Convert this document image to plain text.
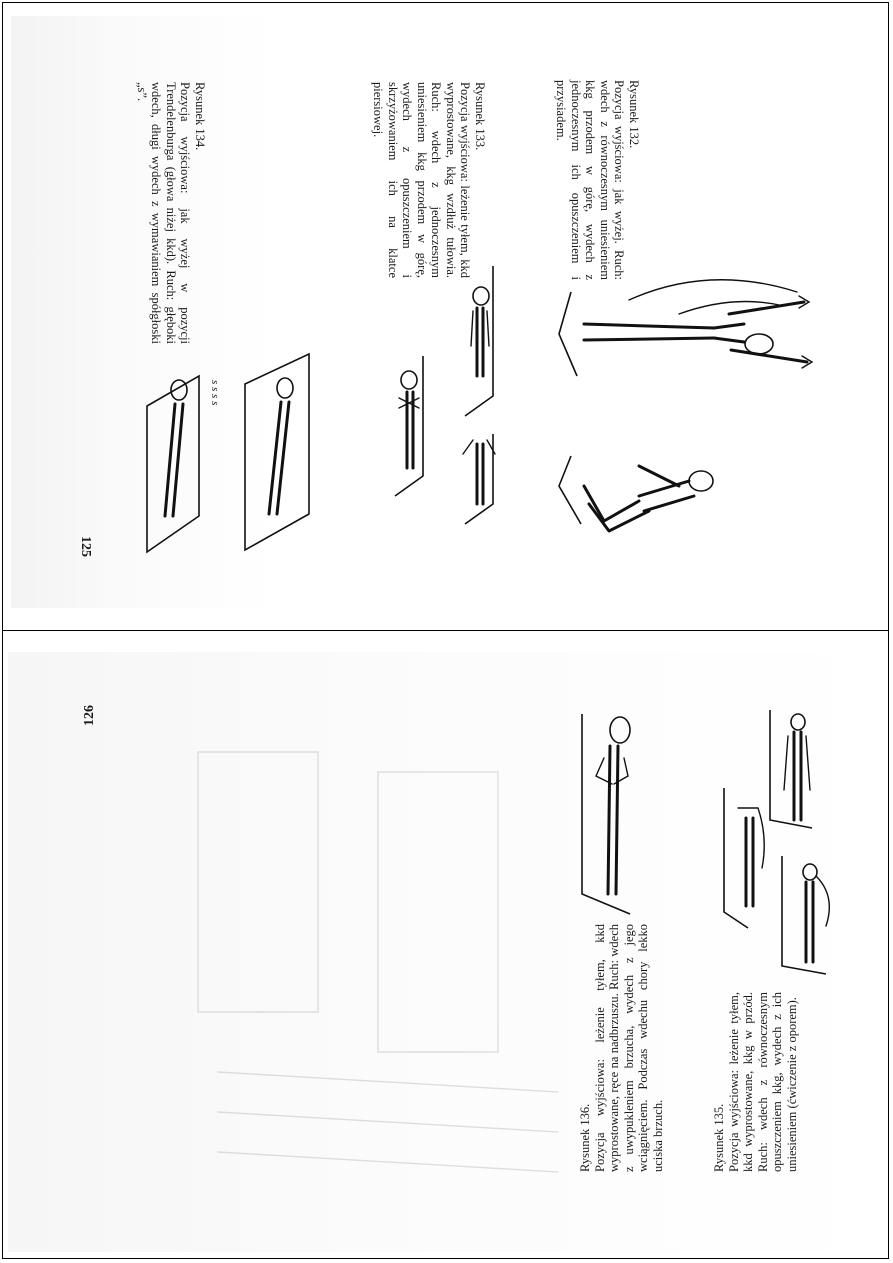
Rysunek 132.
Pozycja wyjściowa: jak wyżej. Ruch: wdech z równoczesnym uniesieniem kkg przodem w górę, wydech z jednoczesnym ich opuszczeniem i przysiadem.
Rysunek 133.
Pozycja wyjściowa: leżenie tyłem, kkd wyprostowane, kkg wzdłuż tułowia. Ruch: wdech z jednoczesnym uniesieniem kkg przodem w górę, wydech z opuszczeniem i skrzyżowaniem ich na klatce piersiowej.
Rysunek 134.
Pozycja wyjściowa: jak wyżej w pozycji Trendelenburga (głowa niżej kkd). Ruch: głęboki wdech, długi wydech z wymawianiem spółgłoski „s”.
125
s s s s
126
Rysunek 135. Pozycja wyjściowa: leżenie tyłem, kkd wyprostowane, kkg w przód. Ruch: wdech z równoczesnym opuszczeniem kkg, wydech z ich uniesieniem (ćwiczenie z oporem).
Rysunek 136. Pozycja wyjściowa: leżenie tyłem, kkd wyprostowane, ręce na nadbrzuszu. Ruch: wdech z uwypukleniem brzucha, wydech z jego wciągnięciem. Podczas wdechu chory lekko uciska brzuch.
